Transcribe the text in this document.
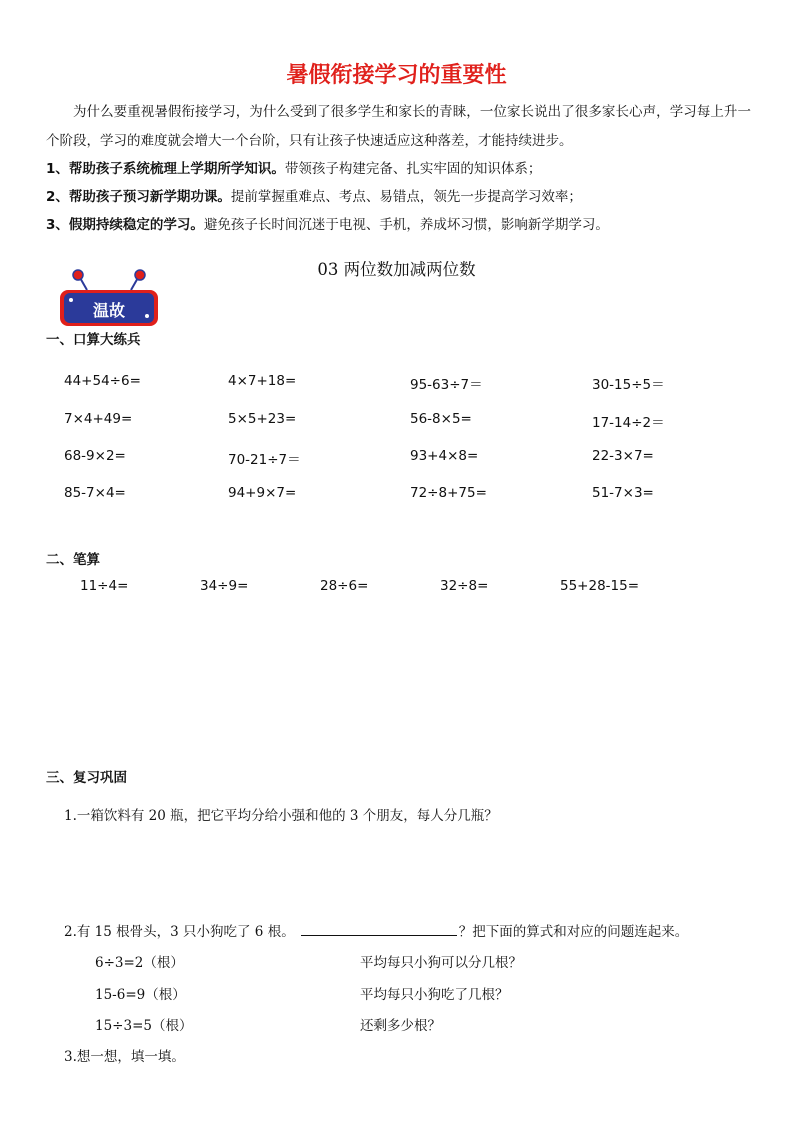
暑假衔接学习的重要性
为什么要重视暑假衔接学习，为什么受到了很多学生和家长的青睐，一位家长说出了很多家长心声，学习每上升一个阶段，学习的难度就会增大一个台阶，只有让孩子快速适应这种落差，才能持续进步。
1、帮助孩子系统梳理上学期所学知识。带领孩子构建完备、扎实牢固的知识体系；
2、帮助孩子预习新学期功课。提前掌握重难点、考点、易错点，领先一步提高学习效率；
3、假期持续稳定的学习。避免孩子长时间沉迷于电视、手机，养成坏习惯，影响新学期学习。
03 两位数加减两位数
温故
一、口算大练兵
44+54÷6=	4×7+18=	95-63÷7＝	30-15÷5＝
7×4+49=	5×5+23=	56-8×5=	17-14÷2＝
68-9×2=	70-21÷7＝	93+4×8=	22-3×7=
85-7×4=	94+9×7=	72÷8+75=	51-7×3=
二、笔算
11÷4=	34÷9=	28÷6=	32÷8=	55+28-15=
三、复习巩固
1.一箱饮料有 20 瓶，把它平均分给小强和他的 3 个朋友，每人分几瓶？
2.有 15 根骨头，3 只小狗吃了 6 根。	？把下面的算式和对应的问题连起来。
6÷3=2（根）	平均每只小狗可以分几根？
15-6=9（根）	平均每只小狗吃了几根？
15÷3=5（根）	还剩多少根？
3.想一想，填一填。
